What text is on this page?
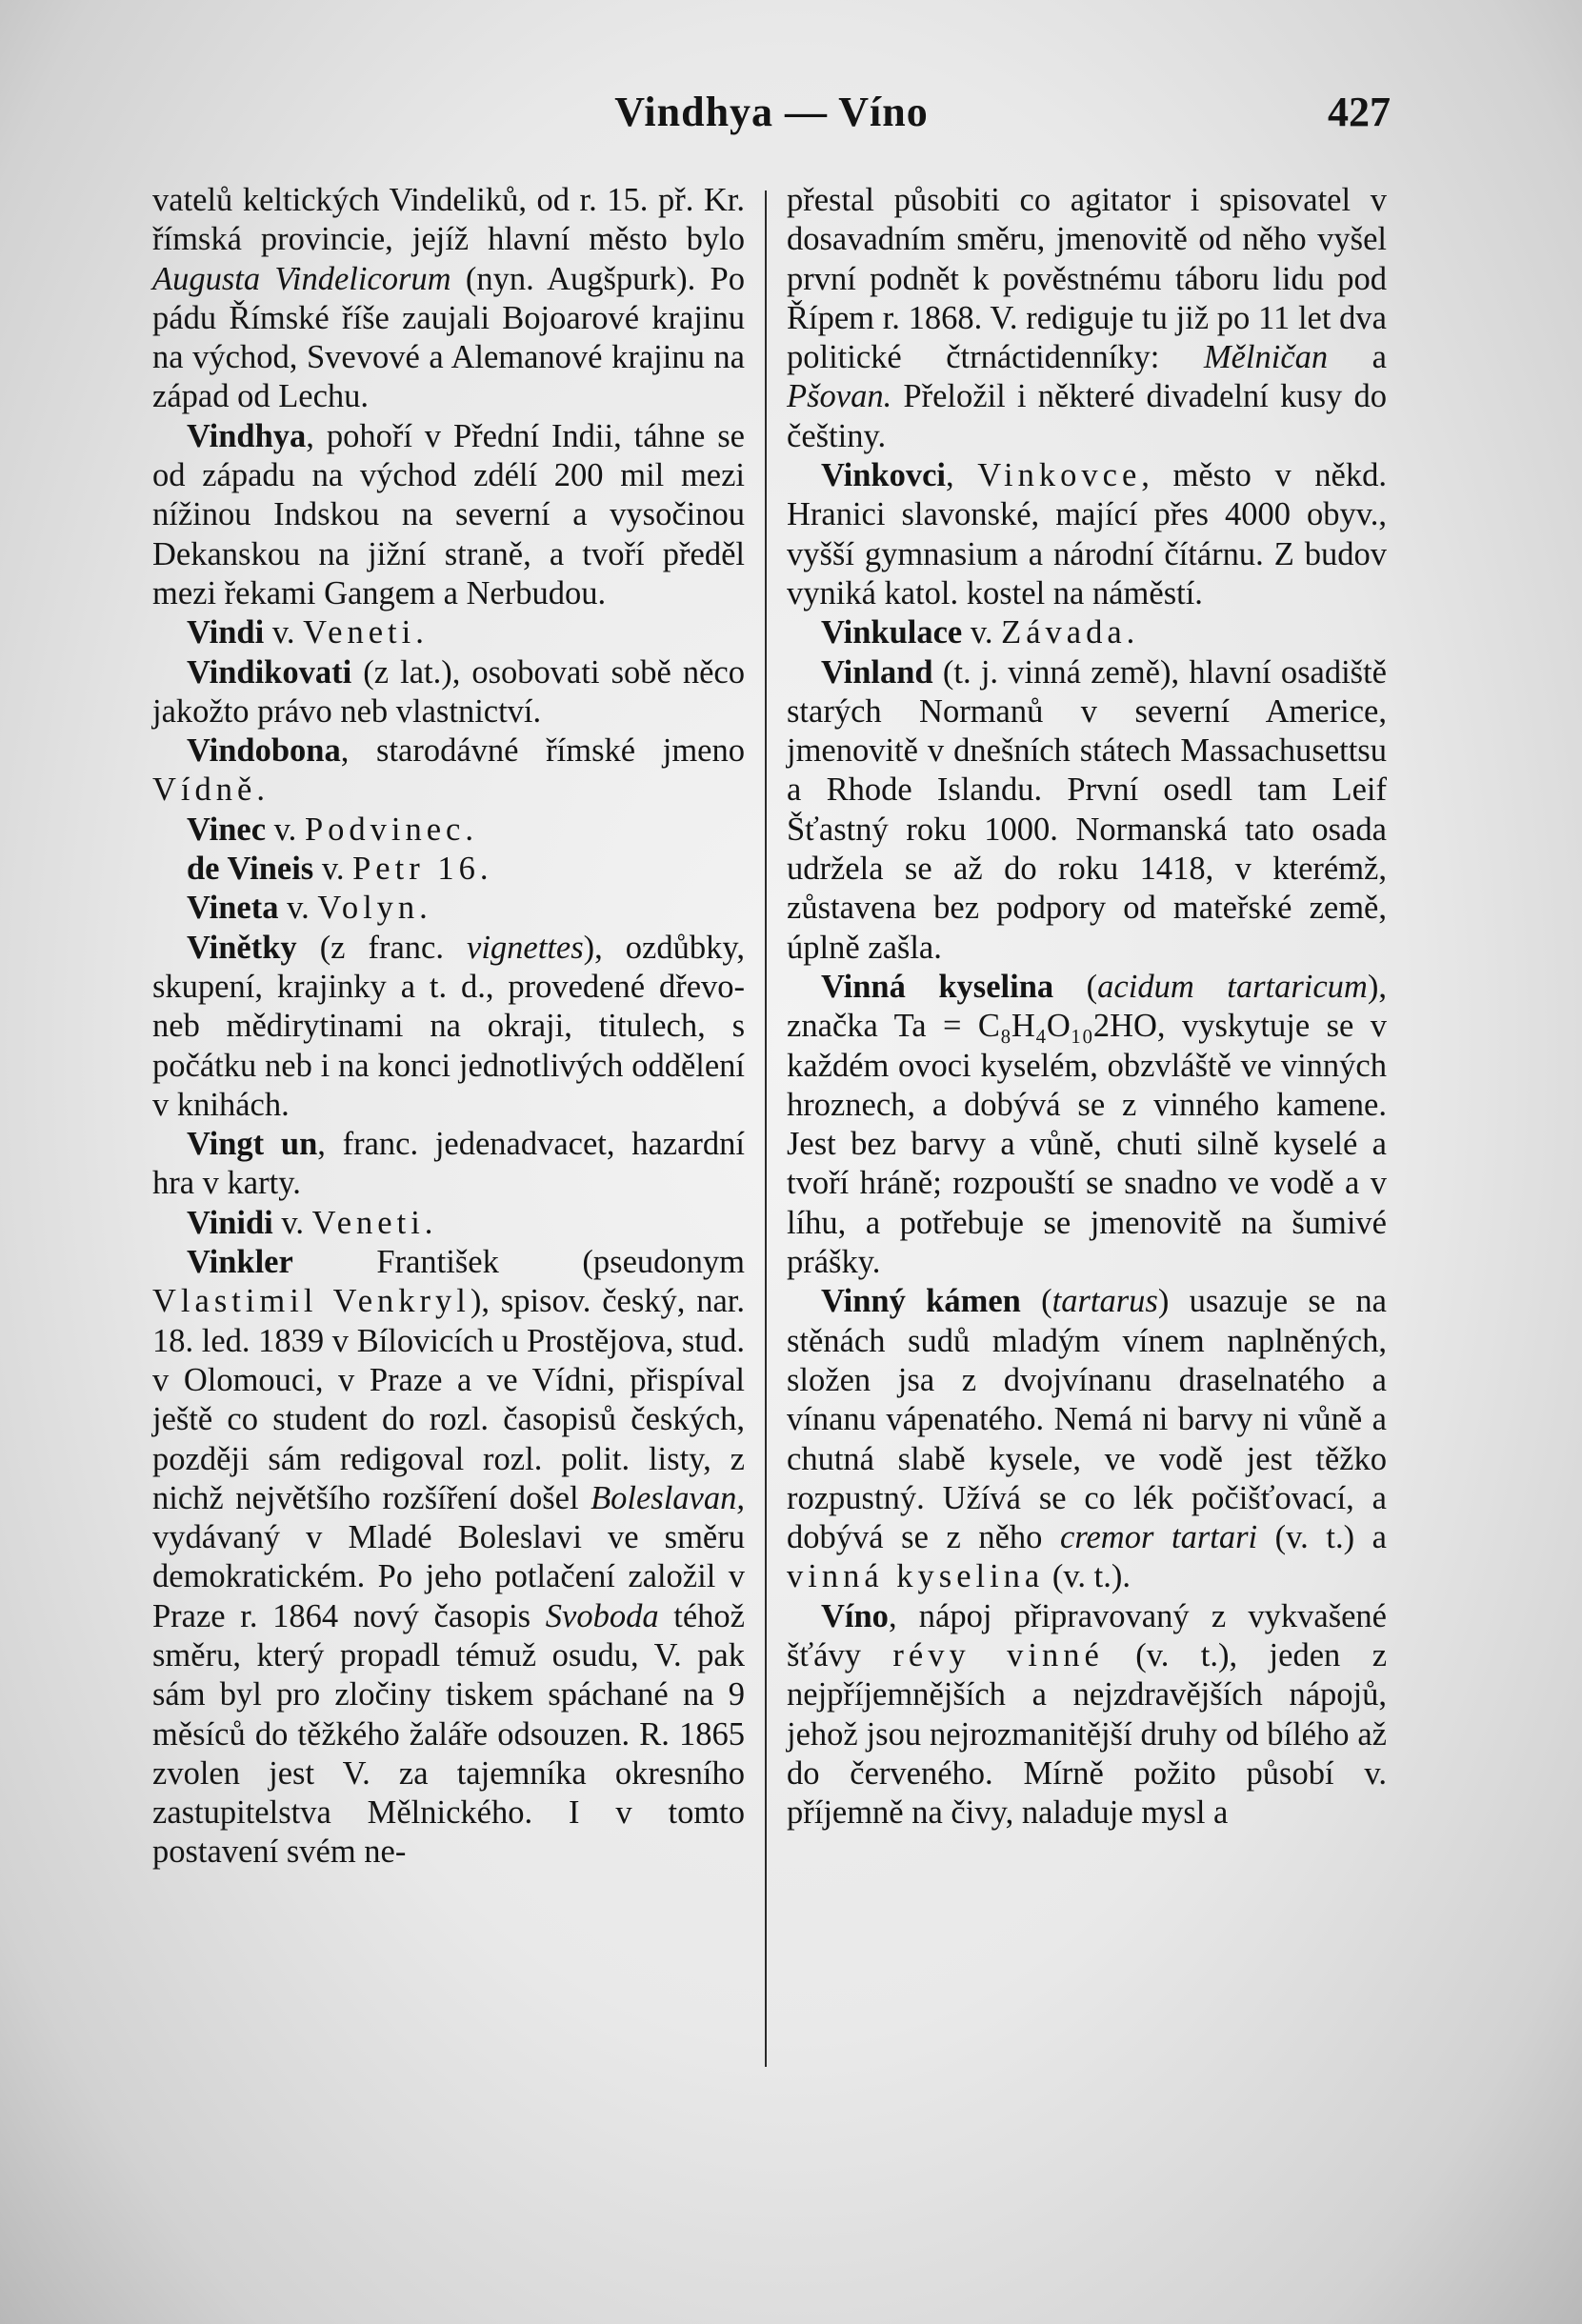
Vindhya — Víno	427

vatelů keltických Vindeliků, od r. 15. př. Kr. římská provincie, jejíž hlavní město bylo Augusta Vindelicorum (nyn. Augšpurk). Po pádu Římské říše zaujali Bojoarové krajinu na východ, Svevové a Alemanové krajinu na západ od Lechu.

Vindhya, pohoří v Přední Indii, táhne se od západu na východ zdélí 200 mil mezi nížinou Indskou na severní a vysočinou Dekanskou na jižní straně, a tvoří předěl mezi řekami Gangem a Nerbudou.

Vindi v. Veneti.

Vindikovati (z lat.), osobovati sobě něco jakožto právo neb vlastnictví.

Vindobona, starodávné římské jmeno Vídně.

Vinec v. Podvinec.

de Vineis v. Petr 16.

Vineta v. Volyn.

Vinětky (z franc. vignettes), ozdůbky, skupení, krajinky a t. d., provedené dřevo- neb mědirytinami na okraji, titulech, s počátku neb i na konci jednotlivých oddělení v knihách.

Vingt un, franc. jedenadvacet, hazardní hra v karty.

Vinidi v. Veneti.

Vinkler František (pseudonym Vlastimil Venkryl), spisov. český, nar. 18. led. 1839 v Bílovicích u Prostějova, stud. v Olomouci, v Praze a ve Vídni, přispíval ještě co student do rozl. časopisů českých, později sám redigoval rozl. polit. listy, z nichž největšího rozšíření došel Boleslavan, vydávaný v Mladé Boleslavi ve směru demokratickém. Po jeho potlačení založil v Praze r. 1864 nový časopis Svoboda téhož směru, který propadl témuž osudu, V. pak sám byl pro zločiny tiskem spáchané na 9 měsíců do těžkého žaláře odsouzen. R. 1865 zvolen jest V. za tajemníka okresního zastupitelstva Mělnického. I v tomto postavení svém ne-

přestal působiti co agitator i spisovatel v dosavadním směru, jmenovitě od něho vyšel první podnět k pověstnému táboru lidu pod Řípem r. 1868. V. rediguje tu již po 11 let dva politické čtrnáctidenníky: Mělničan a Pšovan. Přeložil i některé divadelní kusy do češtiny.

Vinkovci, Vinkovce, město v někd. Hranici slavonské, mající přes 4000 obyv., vyšší gymnasium a národní čítárnu. Z budov vyniká katol. kostel na náměstí.

Vinkulace v. Závada.

Vinland (t. j. vinná země), hlavní osadiště starých Normanů v severní Americe, jmenovitě v dnešních státech Massachusettsu a Rhode Islandu. První osedl tam Leif Šťastný roku 1000. Normanská tato osada udržela se až do roku 1418, v kterémž, zůstavena bez podpory od mateřské země, úplně zašla.

Vinná kyselina (acidum tartaricum), značka Ta = C₈H₄O₁₀2HO, vyskytuje se v každém ovoci kyselém, obzvláště ve vinných hroznech, a dobývá se z vinného kamene. Jest bez barvy a vůně, chuti silně kyselé a tvoří hráně; rozpouští se snadno ve vodě a v líhu, a potřebuje se jmenovitě na šumivé prášky.

Vinný kámen (tartarus) usazuje se na stěnách sudů mladým vínem naplněných, složen jsa z dvojvínanu draselnatého a vínanu vápenatého. Nemá ni barvy ni vůně a chutná slabě kysele, ve vodě jest těžko rozpustný. Užívá se co lék počišťovací, a dobývá se z něho cremor tartari (v. t.) a vinná kyselina (v. t.).

Víno, nápoj připravovaný z vykvašené šťávy révy vinné (v. t.), jeden z nejpříjemnějších a nejzdravějších nápojů, jehož jsou nejrozmanitější druhy od bílého až do červeného. Mírně požito působí v. příjemně na čivy, naladuje mysl a
